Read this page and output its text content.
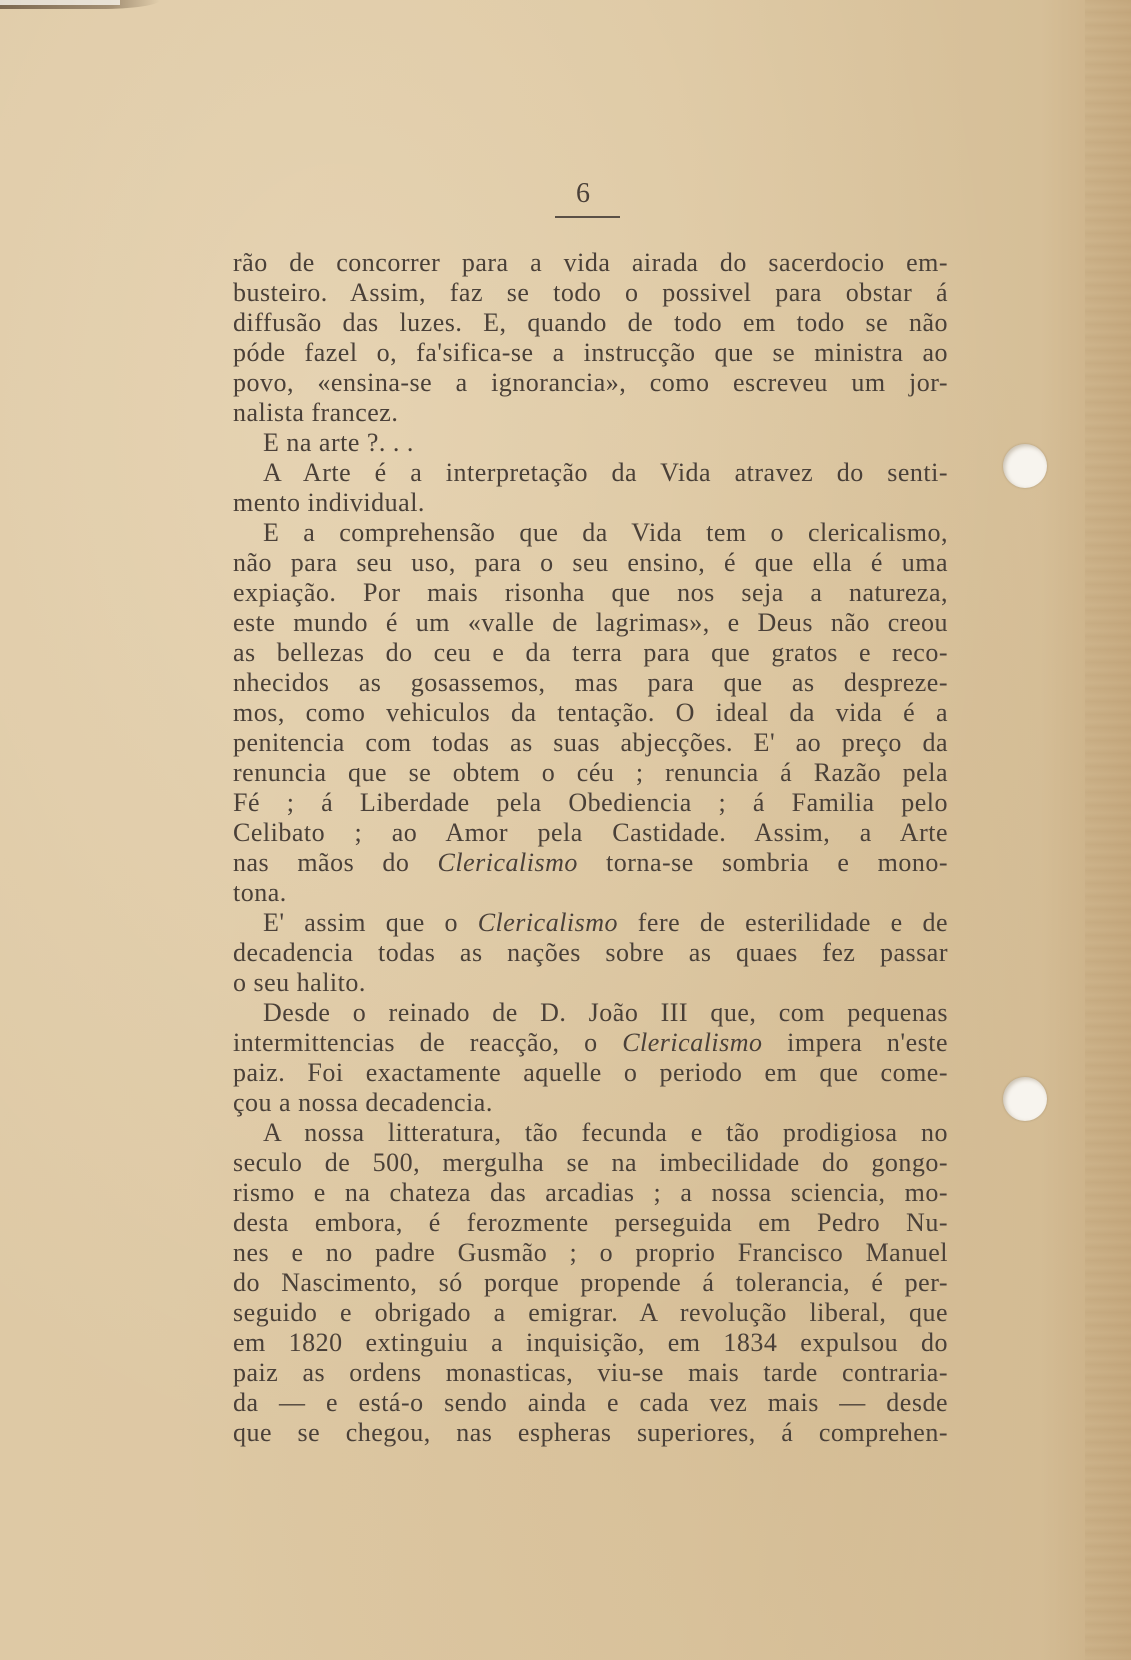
6
rão de concorrer para a vida airada do sacerdocio em-
busteiro. Assim, faz se todo o possivel para obstar á
diffusão das luzes. E, quando de todo em todo se não
póde fazel o, fa'sifica-se a instrucção que se ministra ao
povo, «ensina-se a ignorancia», como escreveu um jor-
nalista francez.
E na arte ?. . .
A Arte é a interpretação da Vida atravez do senti-
mento individual.
E a comprehensão que da Vida tem o clericalismo,
não para seu uso, para o seu ensino, é que ella é uma
expiação. Por mais risonha que nos seja a natureza,
este mundo é um «valle de lagrimas», e Deus não creou
as bellezas do ceu e da terra para que gratos e reco-
nhecidos as gosassemos, mas para que as despreze-
mos, como vehiculos da tentação. O ideal da vida é a
penitencia com todas as suas abjecções. E' ao preço da
renuncia que se obtem o céu ; renuncia á Razão pela
Fé ; á Liberdade pela Obediencia ; á Familia pelo
Celibato ; ao Amor pela Castidade. Assim, a Arte
nas mãos do Clericalismo torna-se sombria e mono-
tona.
E' assim que o Clericalismo fere de esterilidade e de
decadencia todas as nações sobre as quaes fez passar
o seu halito.
Desde o reinado de D. João III que, com pequenas
intermittencias de reacção, o Clericalismo impera n'este
paiz. Foi exactamente aquelle o periodo em que come-
çou a nossa decadencia.
A nossa litteratura, tão fecunda e tão prodigiosa no
seculo de 500, mergulha se na imbecilidade do gongo-
rismo e na chateza das arcadias ; a nossa sciencia, mo-
desta embora, é ferozmente perseguida em Pedro Nu-
nes e no padre Gusmão ; o proprio Francisco Manuel
do Nascimento, só porque propende á tolerancia, é per-
seguido e obrigado a emigrar. A revolução liberal, que
em 1820 extinguiu a inquisição, em 1834 expulsou do
paiz as ordens monasticas, viu-se mais tarde contraria-
da — e está-o sendo ainda e cada vez mais — desde
que se chegou, nas espheras superiores, á comprehen-
